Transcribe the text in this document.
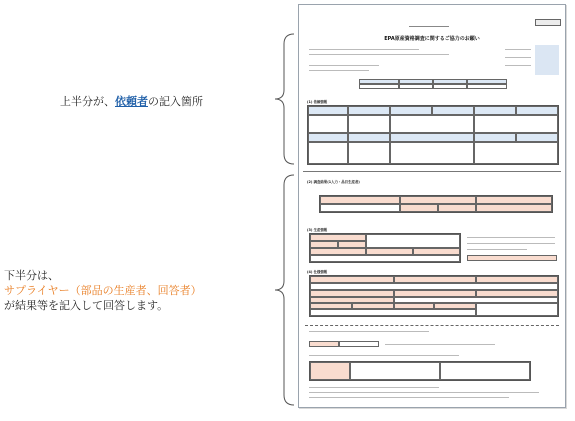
上半分が、依頼者の記入箇所
下半分は、
サプライヤー（部品の生産者、回答者）
が結果等を記入して回答します。
EPA原産資格調査に関するご協力のお願い
(1) 依頼情報
(2) 調査結果(1入力・品目生産者)
(3) 生産情報
(4) 仕様情報
